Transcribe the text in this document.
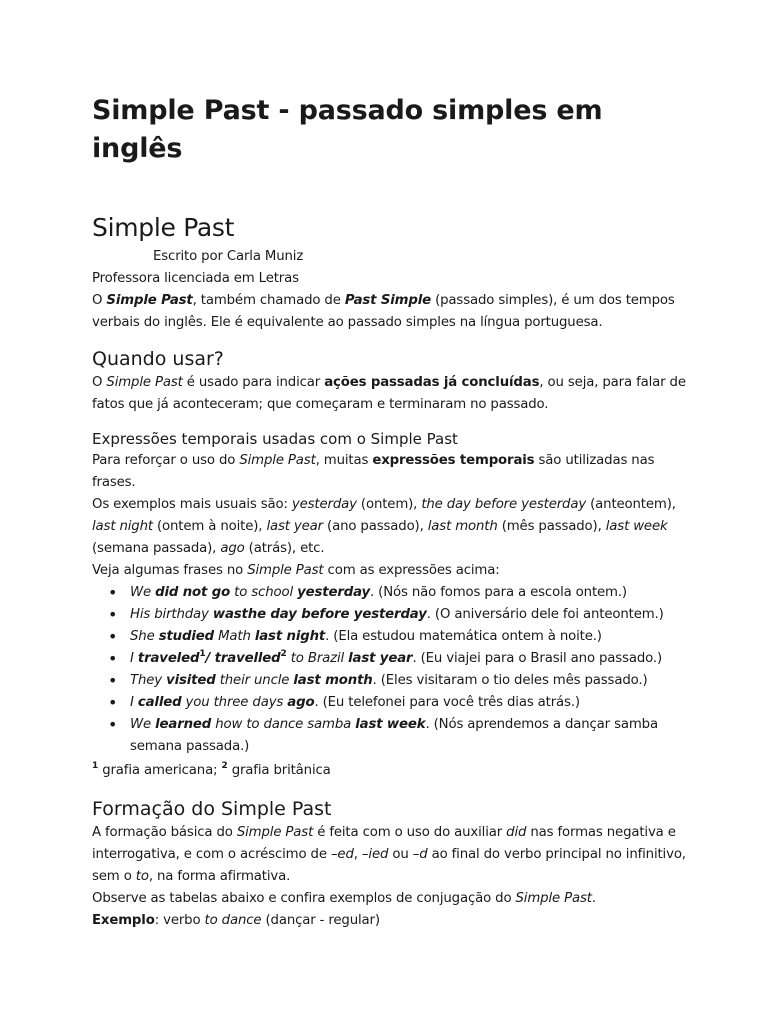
Simple Past - passado simples em inglês
Simple Past
Escrito por Carla Muniz
Professora licenciada em Letras

O Simple Past, também chamado de Past Simple (passado simples), é um dos tempos verbais do inglês. Ele é equivalente ao passado simples na língua portuguesa.

Quando usar?

O Simple Past é usado para indicar ações passadas já concluídas, ou seja, para falar de fatos que já aconteceram; que começaram e terminaram no passado.

Expressões temporais usadas com o Simple Past

Para reforçar o uso do Simple Past, muitas expressões temporais são utilizadas nas frases.

Os exemplos mais usuais são: yesterday (ontem), the day before yesterday (anteontem), last night (ontem à noite), last year (ano passado), last month (mês passado), last week (semana passada), ago (atrás), etc.

Veja algumas frases no Simple Past com as expressões acima:

• We did not go to school yesterday. (Nós não fomos para a escola ontem.)
• His birthday wasthe day before yesterday. (O aniversário dele foi anteontem.)
• She studied Math last night. (Ela estudou matemática ontem à noite.)
• I traveled$^1$/ travelled$^2$ to Brazil last year. (Eu viajei para o Brasil ano passado.)
• They visited their uncle last month. (Eles visitaram o tio deles mês passado.)
• I called you three days ago. (Eu telefonei para você três dias atrás.)
• We learned how to dance samba last week. (Nós aprendemos a dançar samba semana passada.)

$^1$ grafia americana; $^2$ grafia britânica

Formação do Simple Past

A formação básica do Simple Past é feita com o uso do auxiliar did nas formas negativa e interrogativa, e com o acréscimo de –ed, –ied ou –d ao final do verbo principal no infinitivo, sem o to, na forma afirmativa.

Observe as tabelas abaixo e confira exemplos de conjugação do Simple Past.

Exemplo: verbo to dance (dançar - regular)
